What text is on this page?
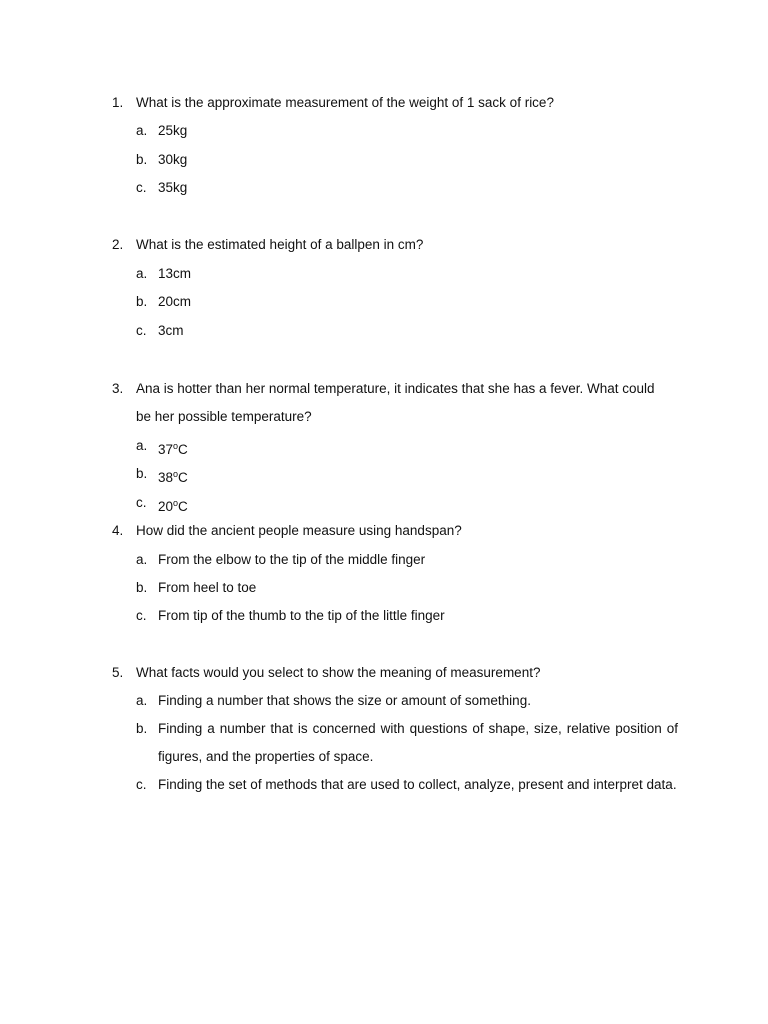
1. What is the approximate measurement of the weight of 1 sack of rice?
a. 25kg
b. 30kg
c. 35kg
2. What is the estimated height of a ballpen in cm?
a. 13cm
b. 20cm
c. 3cm
3. Ana is hotter than her normal temperature, it indicates that she has a fever. What could
be her possible temperature?
a. 37$^o$C
b. 38$^o$C
c. 20$^o$C
4. How did the ancient people measure using handspan?
a. From the elbow to the tip of the middle finger
b. From heel to toe
c. From tip of the thumb to the tip of the little finger
5. What facts would you select to show the meaning of measurement?
a. Finding a number that shows the size or amount of something.
b. Finding a number that is concerned with questions of shape, size, relative position of
figures, and the properties of space.
c. Finding the set of methods that are used to collect, analyze, present and interpret data.
